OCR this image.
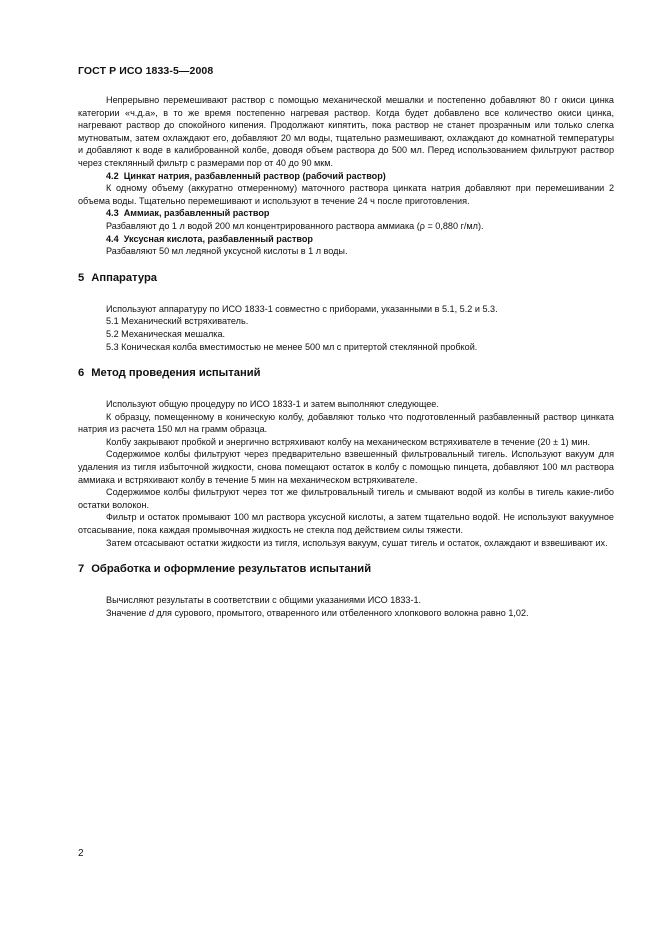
ГОСТ Р ИСО 1833-5—2008

Непрерывно перемешивают раствор с помощью механической мешалки и постепенно добавляют 80 г окиси цинка категории «ч.д.а», в то же время постепенно нагревая раствор. Когда будет добавлено все количество окиси цинка, нагревают раствор до спокойного кипения. Продолжают кипятить, пока раствор не станет прозрачным или только слегка мутноватым, затем охлаждают его, добавляют 20 мл воды, тщательно размешивают, охлаждают до комнатной температуры и добавляют к воде в калиброванной колбе, доводя объем раствора до 500 мл. Перед использованием фильтруют раствор через стеклянный фильтр с размерами пор от 40 до 90 мкм.

4.2 Цинкат натрия, разбавленный раствор (рабочий раствор)

К одному объему (аккуратно отмеренному) маточного раствора цинката натрия добавляют при перемешивании 2 объема воды. Тщательно перемешивают и используют в течение 24 ч после приготовления.

4.3 Аммиак, разбавленный раствор

Разбавляют до 1 л водой 200 мл концентрированного раствора аммиака (ρ = 0,880 г/мл).

4.4 Уксусная кислота, разбавленный раствор

Разбавляют 50 мл ледяной уксусной кислоты в 1 л воды.

5 Аппаратура

Используют аппаратуру по ИСО 1833-1 совместно с приборами, указанными в 5.1, 5.2 и 5.3.

5.1 Механический встряхиватель.

5.2 Механическая мешалка.

5.3 Коническая колба вместимостью не менее 500 мл с притертой стеклянной пробкой.

6 Метод проведения испытаний

Используют общую процедуру по ИСО 1833-1 и затем выполняют следующее.

К образцу, помещенному в коническую колбу, добавляют только что подготовленный разбавленный раствор цинката натрия из расчета 150 мл на грамм образца.

Колбу закрывают пробкой и энергично встряхивают колбу на механическом встряхивателе в течение (20 ± 1) мин.

Содержимое колбы фильтруют через предварительно взвешенный фильтровальный тигель. Используют вакуум для удаления из тигля избыточной жидкости, снова помещают остаток в колбу с помощью пинцета, добавляют 100 мл раствора аммиака и встряхивают колбу в течение 5 мин на механическом встряхивателе.

Содержимое колбы фильтруют через тот же фильтровальный тигель и смывают водой из колбы в тигель какие-либо остатки волокон.

Фильтр и остаток промывают 100 мл раствора уксусной кислоты, а затем тщательно водой. Не используют вакуумное отсасывание, пока каждая промывочная жидкость не стекла под действием силы тяжести.

Затем отсасывают остатки жидкости из тигля, используя вакуум, сушат тигель и остаток, охлаждают и взвешивают их.

7 Обработка и оформление результатов испытаний

Вычисляют результаты в соответствии с общими указаниями ИСО 1833-1.

Значение d для сурового, промытого, отваренного или отбеленного хлопкового волокна равно 1,02.

2
